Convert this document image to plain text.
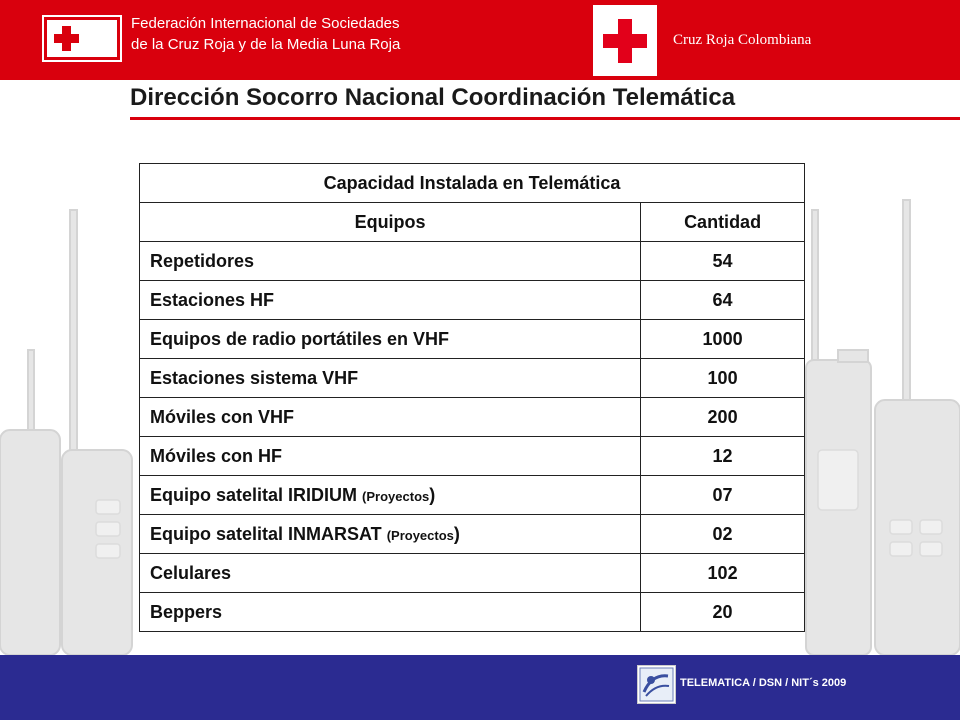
Federación Internacional de Sociedades
de la Cruz Roja y de la Media Luna Roja	Cruz Roja Colombiana
Dirección Socorro Nacional Coordinación Telemática
Capacidad Instalada en Telemática	
Equipos	Cantidad
Repetidores	54
Estaciones HF	64
Equipos de radio portátiles en VHF	1000
Estaciones sistema VHF	100
Móviles con VHF	200
Móviles con HF	12
Equipo satelital IRIDIUM (Proyectos)	07
Equipo satelital INMARSAT (Proyectos)	02
Celulares	102
Beppers	20
TELEMATICA / DSN / NIT´s 2009
